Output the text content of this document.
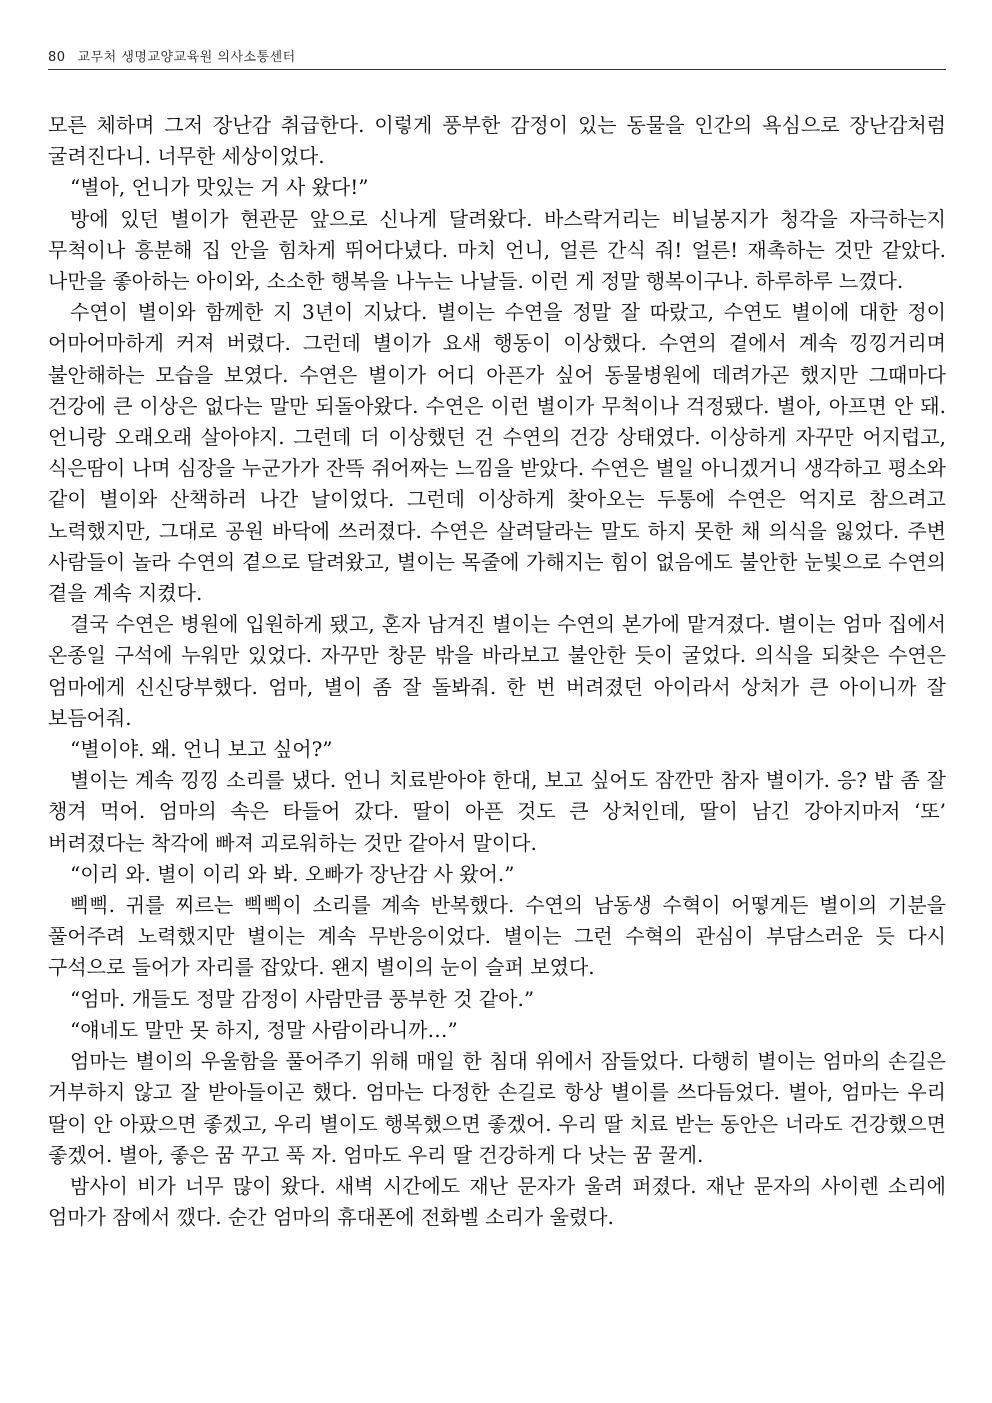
80 교무처 생명교양교육원 의사소통센터

모른 체하며 그저 장난감 취급한다. 이렇게 풍부한 감정이 있는 동물을 인간의 욕심으로 장난감처럼 굴려진다니. 너무한 세상이었다.

“별아, 언니가 맛있는 거 사 왔다!”

방에 있던 별이가 현관문 앞으로 신나게 달려왔다. 바스락거리는 비닐봉지가 청각을 자극하는지 무척이나 흥분해 집 안을 힘차게 뛰어다녔다. 마치 언니, 얼른 간식 줘! 얼른! 재촉하는 것만 같았다. 나만을 좋아하는 아이와, 소소한 행복을 나누는 나날들. 이런 게 정말 행복이구나. 하루하루 느꼈다.

수연이 별이와 함께한 지 3년이 지났다. 별이는 수연을 정말 잘 따랐고, 수연도 별이에 대한 정이 어마어마하게 커져 버렸다. 그런데 별이가 요새 행동이 이상했다. 수연의 곁에서 계속 낑낑거리며 불안해하는 모습을 보였다. 수연은 별이가 어디 아픈가 싶어 동물병원에 데려가곤 했지만 그때마다 건강에 큰 이상은 없다는 말만 되돌아왔다. 수연은 이런 별이가 무척이나 걱정됐다. 별아, 아프면 안 돼. 언니랑 오래오래 살아야지. 그런데 더 이상했던 건 수연의 건강 상태였다. 이상하게 자꾸만 어지럽고, 식은땀이 나며 심장을 누군가가 잔뜩 쥐어짜는 느낌을 받았다. 수연은 별일 아니겠거니 생각하고 평소와 같이 별이와 산책하러 나간 날이었다. 그런데 이상하게 찾아오는 두통에 수연은 억지로 참으려고 노력했지만, 그대로 공원 바닥에 쓰러졌다. 수연은 살려달라는 말도 하지 못한 채 의식을 잃었다. 주변 사람들이 놀라 수연의 곁으로 달려왔고, 별이는 목줄에 가해지는 힘이 없음에도 불안한 눈빛으로 수연의 곁을 계속 지켰다.

결국 수연은 병원에 입원하게 됐고, 혼자 남겨진 별이는 수연의 본가에 맡겨졌다. 별이는 엄마 집에서 온종일 구석에 누워만 있었다. 자꾸만 창문 밖을 바라보고 불안한 듯이 굴었다. 의식을 되찾은 수연은 엄마에게 신신당부했다. 엄마, 별이 좀 잘 돌봐줘. 한 번 버려졌던 아이라서 상처가 큰 아이니까 잘 보듬어줘.

“별이야. 왜. 언니 보고 싶어?”

별이는 계속 낑낑 소리를 냈다. 언니 치료받아야 한대, 보고 싶어도 잠깐만 참자 별이가. 응? 밥 좀 잘 챙겨 먹어. 엄마의 속은 타들어 갔다. 딸이 아픈 것도 큰 상처인데, 딸이 남긴 강아지마저 ‘또’ 버려졌다는 착각에 빠져 괴로워하는 것만 같아서 말이다.

“이리 와. 별이 이리 와 봐. 오빠가 장난감 사 왔어.”

삑삑. 귀를 찌르는 삑삑이 소리를 계속 반복했다. 수연의 남동생 수혁이 어떻게든 별이의 기분을 풀어주려 노력했지만 별이는 계속 무반응이었다. 별이는 그런 수혁의 관심이 부담스러운 듯 다시 구석으로 들어가 자리를 잡았다. 왠지 별이의 눈이 슬퍼 보였다.

“엄마. 개들도 정말 감정이 사람만큼 풍부한 것 같아.”

“얘네도 말만 못 하지, 정말 사람이라니까…”

엄마는 별이의 우울함을 풀어주기 위해 매일 한 침대 위에서 잠들었다. 다행히 별이는 엄마의 손길은 거부하지 않고 잘 받아들이곤 했다. 엄마는 다정한 손길로 항상 별이를 쓰다듬었다. 별아, 엄마는 우리 딸이 안 아팠으면 좋겠고, 우리 별이도 행복했으면 좋겠어. 우리 딸 치료 받는 동안은 너라도 건강했으면 좋겠어. 별아, 좋은 꿈 꾸고 푹 자. 엄마도 우리 딸 건강하게 다 낫는 꿈 꿀게.

밤사이 비가 너무 많이 왔다. 새벽 시간에도 재난 문자가 울려 퍼졌다. 재난 문자의 사이렌 소리에 엄마가 잠에서 깼다. 순간 엄마의 휴대폰에 전화벨 소리가 울렸다.
